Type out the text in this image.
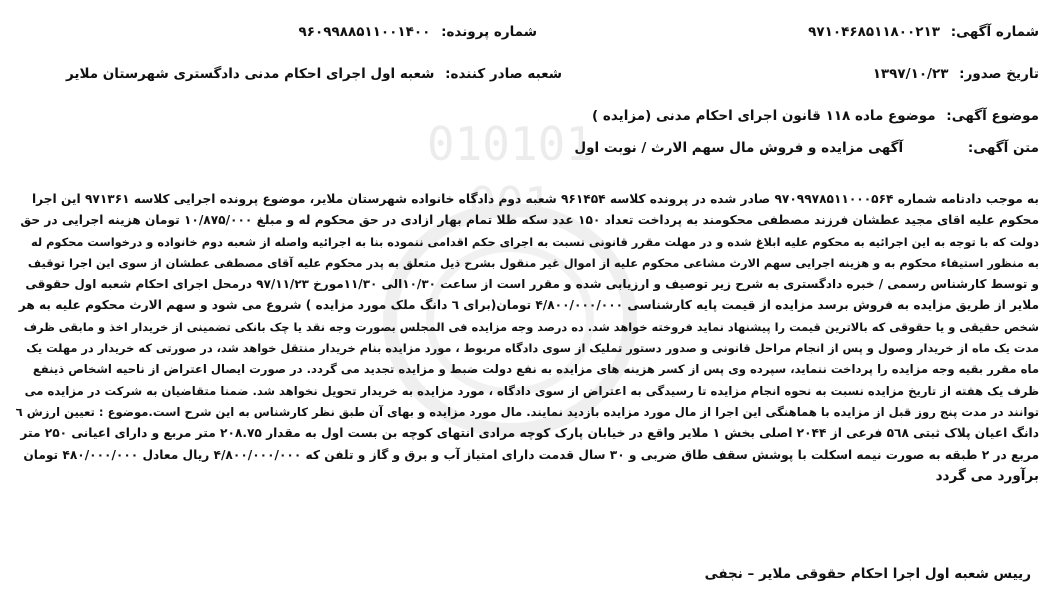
010101
001
شماره آگهی: ۹۷۱۰۴۶۸۵۱۱۸۰۰۲۱۳
شماره پرونده: ۹۶۰۹۹۸۸۵۱۱۰۰۱۴۰۰
تاریخ صدور: ۱۳۹۷/۱۰/۲۳
شعبه صادر کننده: شعبه اول اجرای احکام مدنی دادگستری شهرستان ملایر
موضوع آگهی: موضوع ماده ۱۱۸ قانون اجرای احکام مدنی (مزایده )
متن آگهی: آگهی مزایده و فروش مال سهم الارث / نوبت اول
به موجب دادنامه شماره ۹۷۰۹۹۷۸۵۱۱۰۰۰۵۶۴ صادر شده در پرونده کلاسه ۹۶۱۴۵۴ شعبه دوم دادگاه خانواده شهرستان ملایر، موضوع پرونده اجرایی کلاسه ۹۷۱۳۶۱ این اجرا
محکوم علیه اقای مجید عطشان فرزند مصطفی محکومند به پرداخت تعداد ۱۵۰ عدد سکه طلا تمام بهار ازادی در حق محکوم له و مبلغ ۱۰/۸۷۵/۰۰۰ تومان هزینه اجرایی در حق
دولت که با توجه به این اجرائیه به محکوم علیه ابلاغ شده و در مهلت مقرر قانونی نسبت به اجرای حکم اقدامی ننموده بنا به اجرائیه واصله از شعبه دوم خانواده و درخواست محکوم له
به منظور استیفاء محکوم به و هزینه اجرایی سهم الارث مشاعی محکوم علیه از اموال غیر منقول بشرح ذیل متعلق به پدر محکوم علیه آقای مصطفی عطشان از سوی این اجرا توقیف
و توسط کارشناس رسمی / خبره دادگستری به شرح زیر توصیف و ارزیابی شده و مقرر است از ساعت ۱۰/۳۰الی ۱۱/۳۰مورخ ۹۷/۱۱/۲۳ درمحل اجرای احکام شعبه اول حقوقی
ملایر از طریق مزایده به فروش برسد مزایده از قیمت پایه کارشناسی ۴/۸۰۰/۰۰۰/۰۰۰ تومان(برای ٦ دانگ ملک مورد مزایده ) شروع می شود و سهم الارث محکوم علیه به هر
شخص حقیقی و یا حقوقی که بالاترین قیمت را پیشنهاد نماید فروخته خواهد شد. ده درصد وجه مزایده فی المجلس بصورت وجه نقد یا چک بانکی تضمینی از خریدار اخذ و مابقی ظرف
مدت یک ماه از خریدار وصول و پس از انجام مراحل قانونی و صدور دستور تملیک از سوی دادگاه مربوط ، مورد مزایده بنام خریدار منتقل خواهد شد، در صورتی که خریدار در مهلت یک
ماه مقرر بقیه وجه مزایده را پرداخت ننماید، سپرده وی پس از کسر هزینه های مزایده به نفع دولت ضبط و مزایده تجدید می گردد. در صورت ایصال اعتراض از ناحیه اشخاص ذینفع
ظرف یک هفته از تاریخ مزایده نسبت به نحوه انجام مزایده تا رسیدگی به اعتراض از سوی دادگاه ، مورد مزایده به خریدار تحویل نخواهد شد. ضمنا متقاضیان به شرکت در مزایده می
توانند در مدت پنج روز قبل از مزایده با هماهنگی این اجرا از مال مورد مزایده بازدید نمایند. مال مورد مزایده و بهای آن طبق نظر کارشناس به این شرح است.موضوع : تعیین ارزش ٦
دانگ اعیان پلاک ثبتی ۵٦۸ فرعی از ۲۰۴۴ اصلی بخش ۱ ملایر واقع در خیابان پارک کوچه مرادی انتهای کوچه بن بست اول به مقدار ۲۰۸.۷۵ متر مربع و دارای اعیانی ۲۵۰ متر
مربع در ۲ طبقه به صورت نیمه اسکلت با پوشش سقف طاق ضربی و ۳۰ سال قدمت دارای امتیاز آب و برق و گاز و تلفن که ۴/۸۰۰/۰۰۰/۰۰۰ ریال معادل ۴۸۰/۰۰۰/۰۰۰ تومان
برآورد می گردد
رییس شعبه اول اجرا احکام حقوقی ملایر – نجفی
